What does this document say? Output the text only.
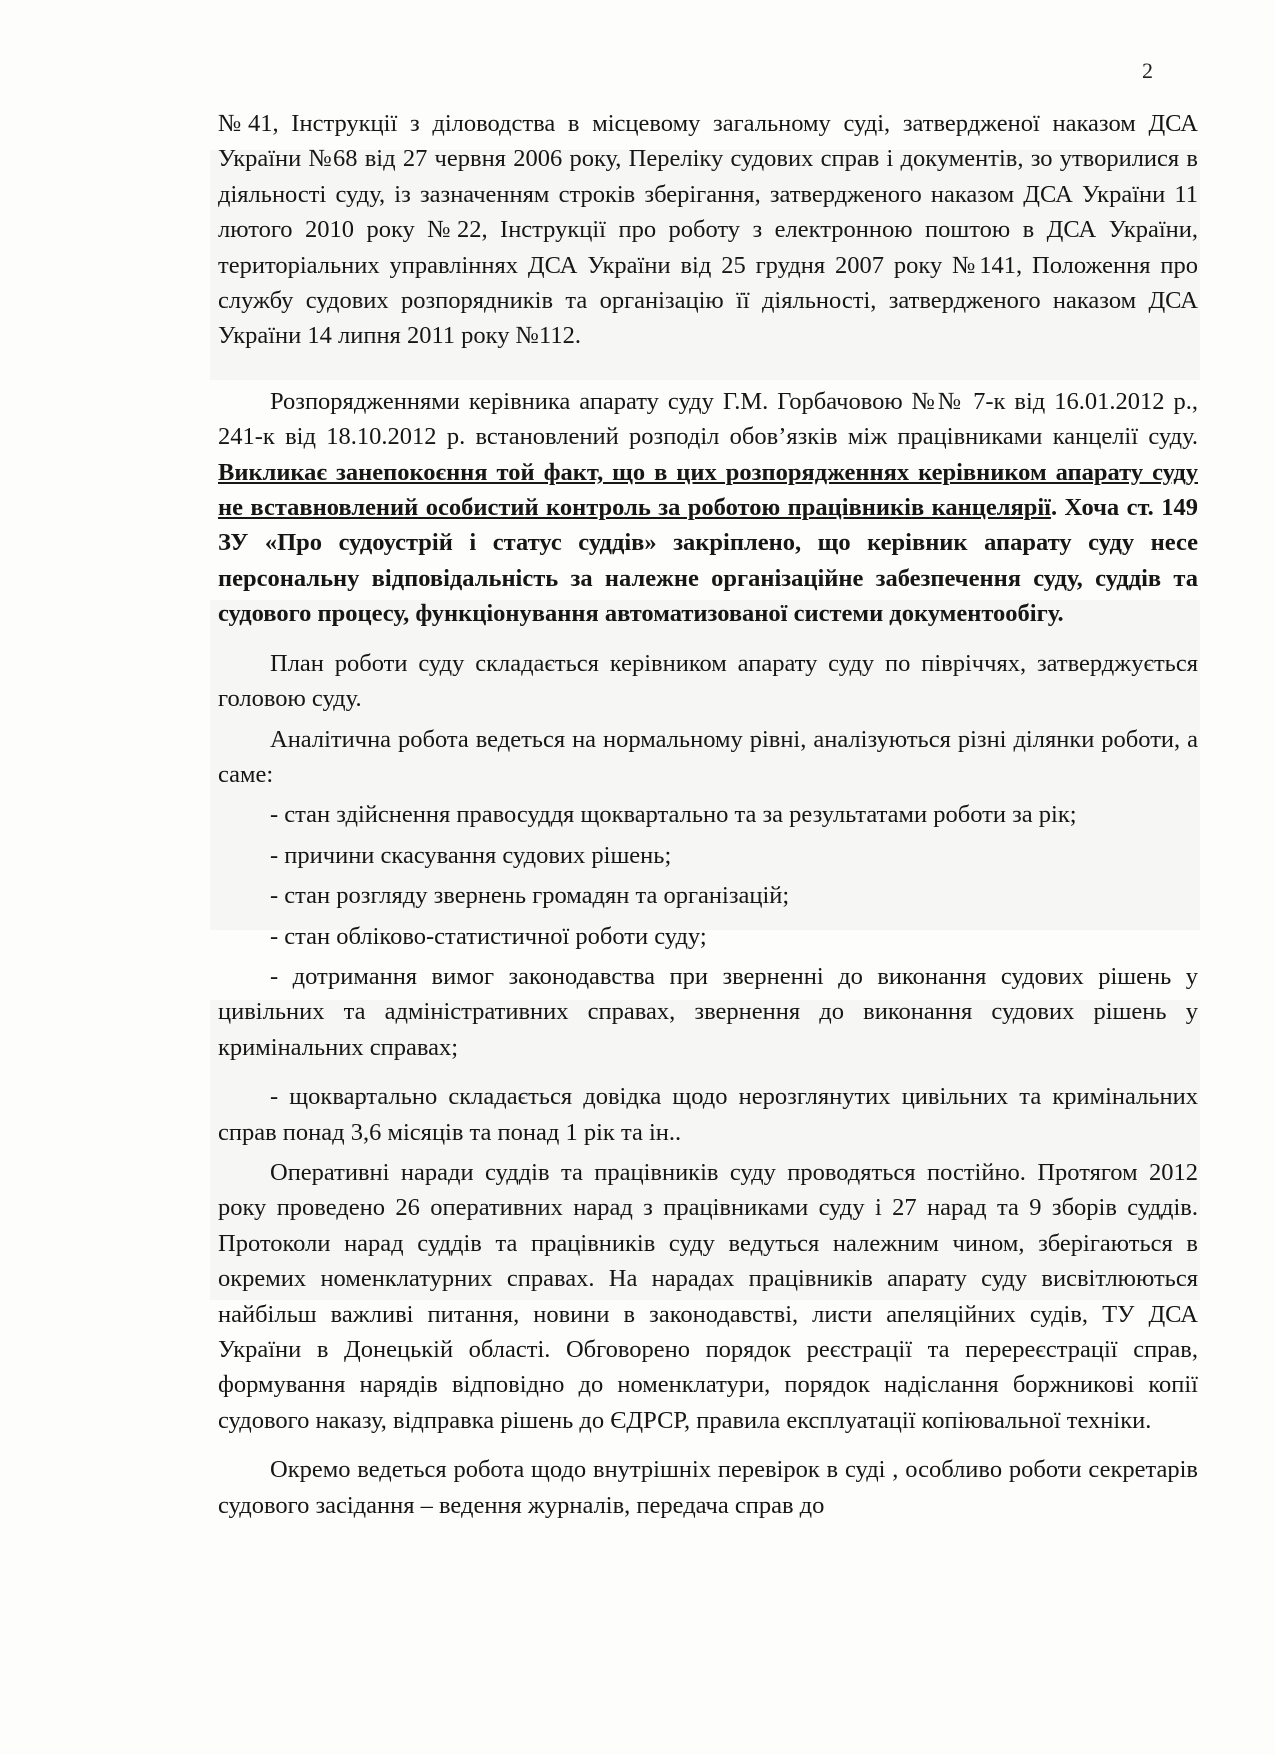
2

№41, Інструкції з діловодства в місцевому загальному суді, затвердженої наказом ДСА України №68 від 27 червня 2006 року, Переліку судових справ і документів, зо утворилися в діяльності суду, із зазначенням строків зберігання, затвердженого наказом ДСА України 11 лютого 2010 року №22, Інструкції про роботу з електронною поштою в ДСА України, територіальних управліннях ДСА України від 25 грудня 2007 року №141, Положення про службу судових розпорядників та організацію її діяльності, затвердженого наказом ДСА України 14 липня 2011 року №112.

Розпорядженнями керівника апарату суду Г.М. Горбачовою №№ 7-к від 16.01.2012 р., 241-к від 18.10.2012 р. встановлений розподіл обов’язків між працівниками канцелії суду. Викликає занепокоєння той факт, що в цих розпорядженнях керівником апарату суду не вставновлений особистий контроль за роботою працівників канцелярії. Хоча ст. 149 ЗУ «Про судоустрій і статус суддів» закріплено, що керівник апарату суду несе персональну відповідальність за належне організаційне забезпечення суду, суддів та судового процесу, функціонування автоматизованої системи документообігу.

План роботи суду складається керівником апарату суду по півріччях, затверджується головою суду.

Аналітична робота ведеться на нормальному рівні, аналізуються різні ділянки роботи, а саме:

- стан здійснення правосуддя щоквартально та за результатами роботи за рік;

- причини скасування судових рішень;

- стан розгляду звернень громадян та організацій;

- стан обліково-статистичної роботи суду;

- дотримання вимог законодавства при зверненні до виконання судових рішень у цивільних та адміністративних справах, звернення до виконання судових рішень у кримінальних справах;

- щоквартально складається довідка щодо нерозглянутих цивільних та кримінальних справ понад 3,6 місяців та понад 1 рік та ін..

Оперативні наради суддів та працівників суду проводяться постійно. Протягом 2012 року проведено 26 оперативних нарад з працівниками суду і 27 нарад та 9 зборів суддів. Протоколи нарад суддів та працівників суду ведуться належним чином, зберігаються в окремих номенклатурних справах. На нарадах працівників апарату суду висвітлюються найбільш важливі питання, новини в законодавстві, листи апеляційних судів, ТУ ДСА України в Донецькій області. Обговорено порядок реєстрації та перереєстрації справ, формування нарядів відповідно до номенклатури, порядок надіслання боржникові копії судового наказу, відправка рішень до ЄДРСР, правила експлуатації копіювальної техніки.

Окремо ведеться робота щодо внутрішніх перевірок в суді , особливо роботи секретарів судового засідання – ведення журналів, передача справ до
